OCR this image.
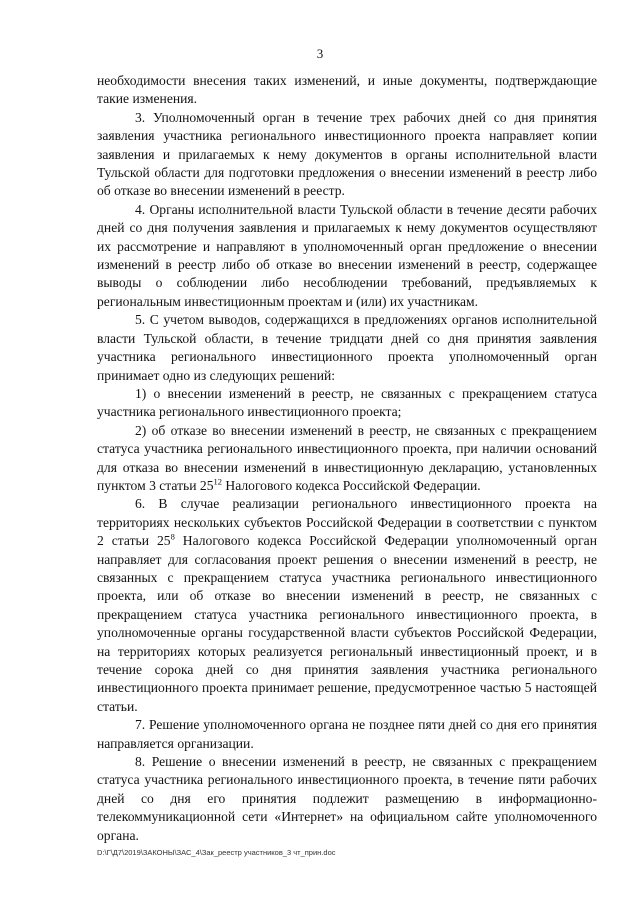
3

необходимости внесения таких изменений, и иные документы, подтверждающие такие изменения.

3. Уполномоченный орган в течение трех рабочих дней со дня принятия заявления участника регионального инвестиционного проекта направляет копии заявления и прилагаемых к нему документов в органы исполнительной власти Тульской области для подготовки предложения о внесении изменений в реестр либо об отказе во внесении изменений в реестр.

4. Органы исполнительной власти Тульской области в течение десяти рабочих дней со дня получения заявления и прилагаемых к нему документов осуществляют их рассмотрение и направляют в уполномоченный орган предложение о внесении изменений в реестр либо об отказе во внесении изменений в реестр, содержащее выводы о соблюдении либо несоблюдении требований, предъявляемых к региональным инвестиционным проектам и (или) их участникам.

5. С учетом выводов, содержащихся в предложениях органов исполнительной власти Тульской области, в течение тридцати дней со дня принятия заявления участника регионального инвестиционного проекта уполномоченный орган принимает одно из следующих решений:

1) о внесении изменений в реестр, не связанных с прекращением статуса участника регионального инвестиционного проекта;

2) об отказе во внесении изменений в реестр, не связанных с прекращением статуса участника регионального инвестиционного проекта, при наличии оснований для отказа во внесении изменений в инвестиционную декларацию, установленных пунктом 3 статьи $25^{12}$ Налогового кодекса Российской Федерации.

6. В случае реализации регионального инвестиционного проекта на территориях нескольких субъектов Российской Федерации в соответствии с пунктом 2 статьи $25^8$ Налогового кодекса Российской Федерации уполномоченный орган направляет для согласования проект решения о внесении изменений в реестр, не связанных с прекращением статуса участника регионального инвестиционного проекта, или об отказе во внесении изменений в реестр, не связанных с прекращением статуса участника регионального инвестиционного проекта, в уполномоченные органы государственной власти субъектов Российской Федерации, на территориях которых реализуется региональный инвестиционный проект, и в течение сорока дней со дня принятия заявления участника регионального инвестиционного проекта принимает решение, предусмотренное частью 5 настоящей статьи.

7. Решение уполномоченного органа не позднее пяти дней со дня его принятия направляется организации.

8. Решение о внесении изменений в реестр, не связанных с прекращением статуса участника регионального инвестиционного проекта, в течение пяти рабочих дней со дня его принятия подлежит размещению в информационно-телекоммуникационной сети «Интернет» на официальном сайте уполномоченного органа.

D:\Г\Д7\2019\ЗАКОНЫ\ЗАС_4\Зак_реестр участников_3 чт_прин.doc
